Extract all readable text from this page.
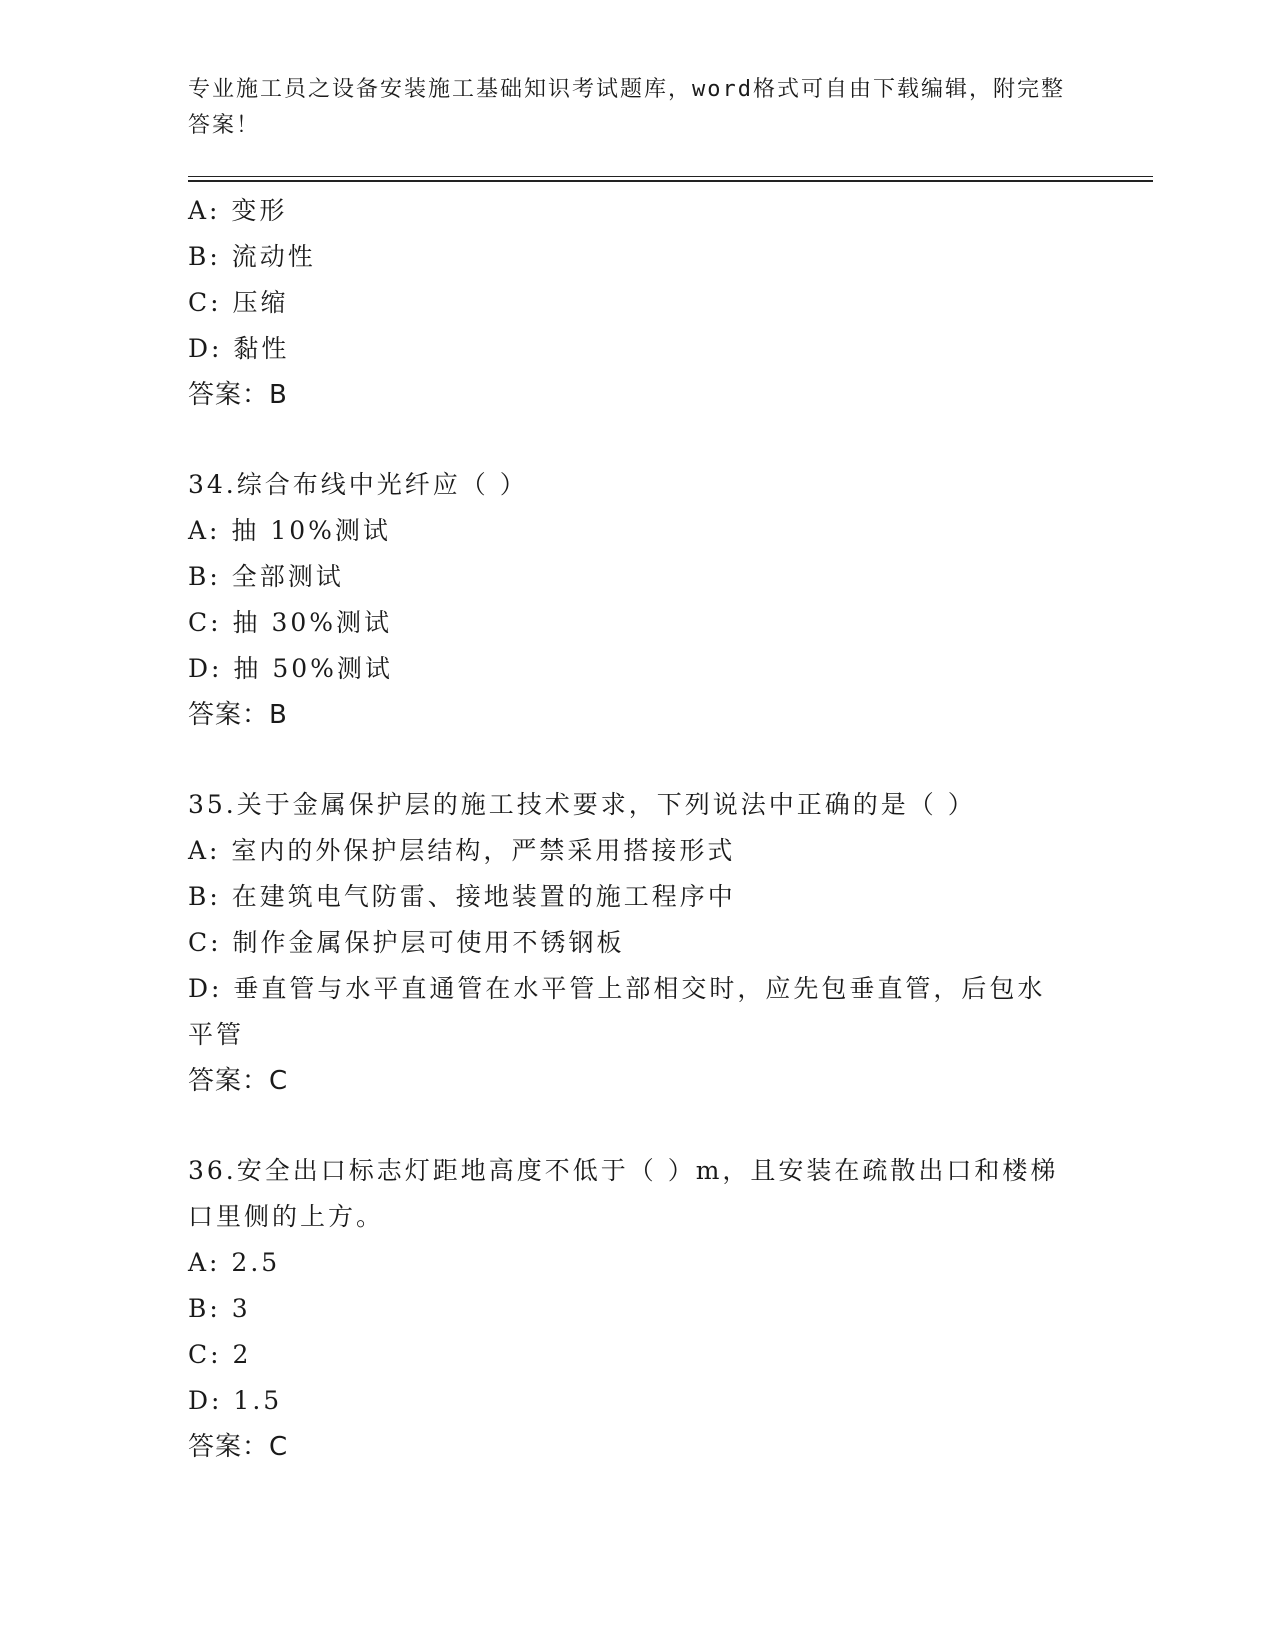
专业施工员之设备安装施工基础知识考试题库，word格式可自由下载编辑，附完整答案！
A: 变形
B: 流动性
C: 压缩
D: 黏性
答案：B
34.综合布线中光纤应（ ）
A: 抽 10%测试
B: 全部测试
C: 抽 30%测试
D: 抽 50%测试
答案：B
35.关于金属保护层的施工技术要求，下列说法中正确的是（ ）
A: 室内的外保护层结构，严禁采用搭接形式
B: 在建筑电气防雷、接地装置的施工程序中
C: 制作金属保护层可使用不锈钢板
D: 垂直管与水平直通管在水平管上部相交时，应先包垂直管，后包水平管
答案：C
36.安全出口标志灯距地高度不低于（ ）m，且安装在疏散出口和楼梯口里侧的上方。
A: 2.5
B: 3
C: 2
D: 1.5
答案：C
